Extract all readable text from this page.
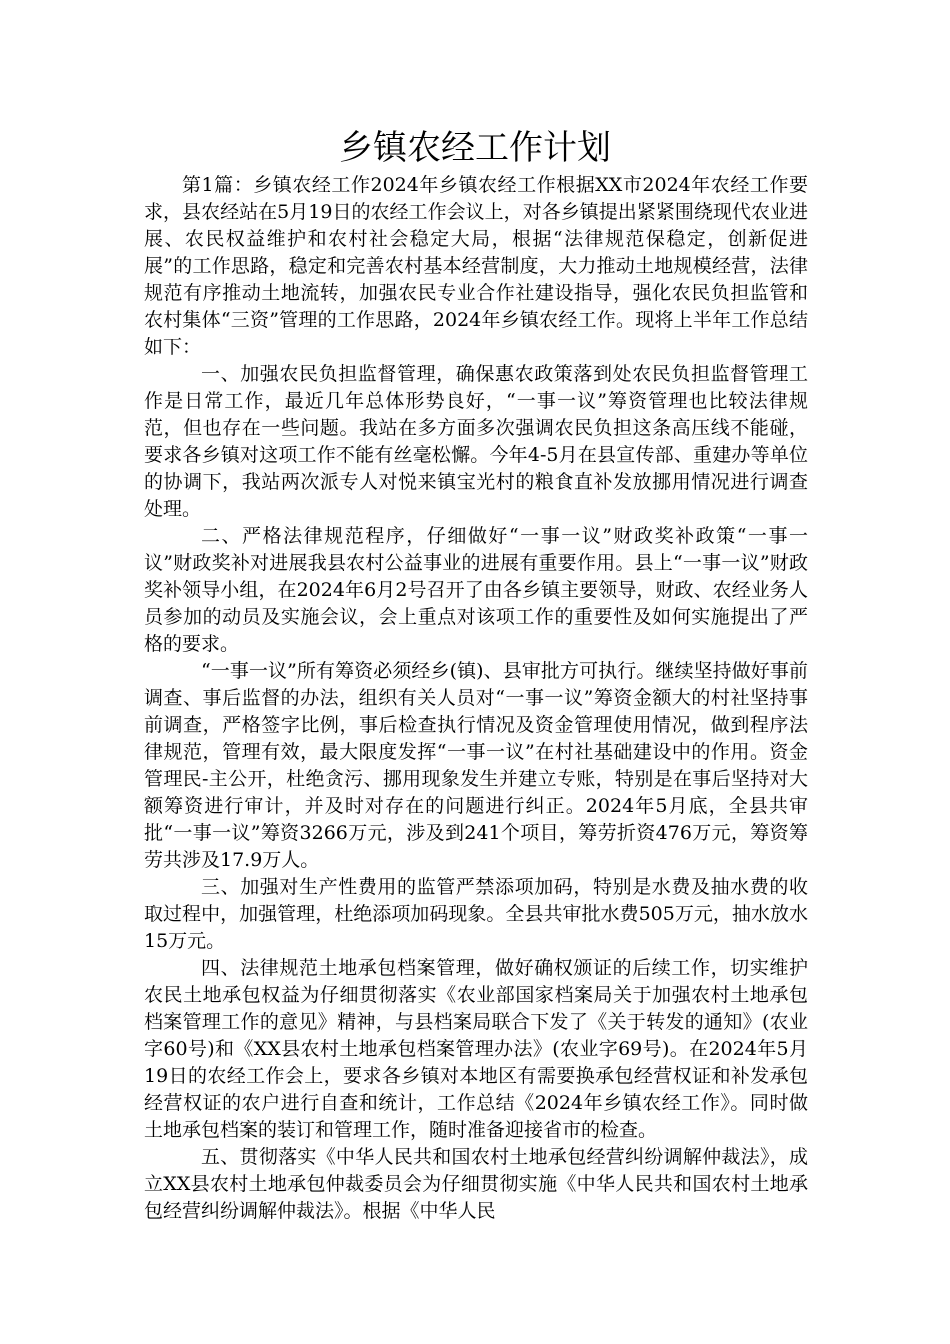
乡镇农经工作计划

第1篇：乡镇农经工作2024年乡镇农经工作根据XX市2024年农经工作要求，县农经站在5月19日的农经工作会议上，对各乡镇提出紧紧围绕现代农业进展、农民权益维护和农村社会稳定大局，根据“法律规范保稳定，创新促进展”的工作思路，稳定和完善农村基本经营制度，大力推动土地规模经营，法律规范有序推动土地流转，加强农民专业合作社建设指导，强化农民负担监管和农村集体“三资”管理的工作思路，2024年乡镇农经工作。现将上半年工作总结如下：

一、加强农民负担监督管理，确保惠农政策落到处农民负担监督管理工作是日常工作，最近几年总体形势良好，“一事一议”筹资管理也比较法律规范，但也存在一些问题。我站在多方面多次强调农民负担这条高压线不能碰，要求各乡镇对这项工作不能有丝毫松懈。今年4-5月在县宣传部、重建办等单位的协调下，我站两次派专人对悦来镇宝光村的粮食直补发放挪用情况进行调查处理。

二、严格法律规范程序，仔细做好“一事一议”财政奖补政策“一事一议”财政奖补对进展我县农村公益事业的进展有重要作用。县上“一事一议”财政奖补领导小组，在2024年6月2号召开了由各乡镇主要领导，财政、农经业务人员参加的动员及实施会议，会上重点对该项工作的重要性及如何实施提出了严格的要求。

“一事一议”所有筹资必须经乡(镇)、县审批方可执行。继续坚持做好事前调查、事后监督的办法，组织有关人员对“一事一议”筹资金额大的村社坚持事前调查，严格签字比例，事后检查执行情况及资金管理使用情况，做到程序法律规范，管理有效，最大限度发挥“一事一议”在村社基础建设中的作用。资金管理民-主公开，杜绝贪污、挪用现象发生并建立专账，特别是在事后坚持对大额筹资进行审计，并及时对存在的问题进行纠正。2024年5月底，全县共审批“一事一议”筹资3266万元，涉及到241个项目，筹劳折资476万元，筹资筹劳共涉及17.9万人。

三、加强对生产性费用的监管严禁添项加码，特别是水费及抽水费的收取过程中，加强管理，杜绝添项加码现象。全县共审批水费505万元，抽水放水15万元。

四、法律规范土地承包档案管理，做好确权颁证的后续工作，切实维护农民土地承包权益为仔细贯彻落实《农业部国家档案局关于加强农村土地承包档案管理工作的意见》精神，与县档案局联合下发了《关于转发的通知》(农业字60号)和《XX县农村土地承包档案管理办法》(农业字69号)。在2024年5月19日的农经工作会上，要求各乡镇对本地区有需要换承包经营权证和补发承包经营权证的农户进行自查和统计，工作总结《2024年乡镇农经工作》。同时做土地承包档案的装订和管理工作，随时准备迎接省市的检查。

五、贯彻落实《中华人民共和国农村土地承包经营纠纷调解仲裁法》，成立XX县农村土地承包仲裁委员会为仔细贯彻实施《中华人民共和国农村土地承包经营纠纷调解仲裁法》。根据《中华人民
